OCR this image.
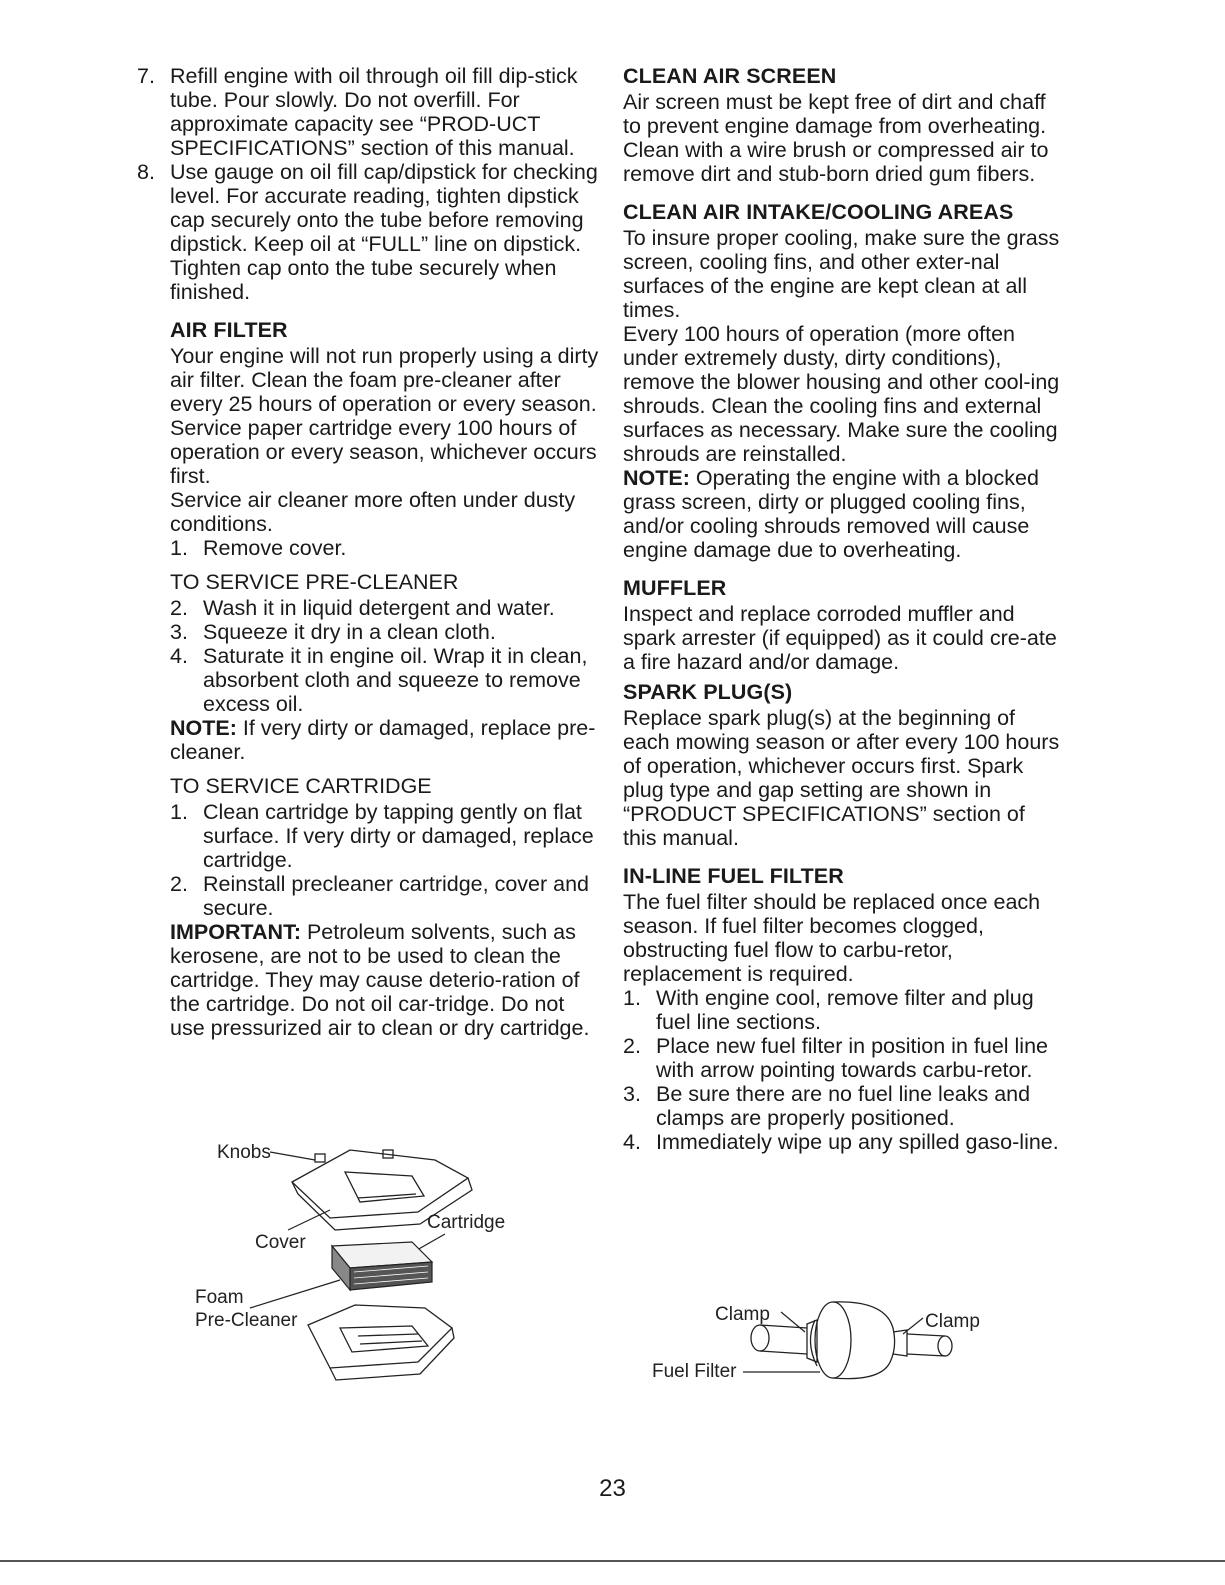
7. Refill engine with oil through oil fill dip-stick tube. Pour slowly. Do not overfill. For approximate capacity see “PROD-UCT SPECIFICATIONS” section of this manual.
8. Use gauge on oil fill cap/dipstick for checking level. For accurate reading, tighten dipstick cap securely onto the tube before removing dipstick. Keep oil at “FULL” line on dipstick. Tighten cap onto the tube securely when finished.
AIR FILTER

Your engine will not run properly using a dirty air filter. Clean the foam pre-cleaner after every 25 hours of operation or every season. Service paper cartridge every 100 hours of operation or every season, whichever occurs first.

Service air cleaner more often under dusty conditions.

1. Remove cover.

TO SERVICE PRE-CLEANER

2. Wash it in liquid detergent and water.
3. Squeeze it dry in a clean cloth.
4. Saturate it in engine oil. Wrap it in clean, absorbent cloth and squeeze to remove excess oil.

NOTE: If very dirty or damaged, replace pre-cleaner.

TO SERVICE CARTRIDGE

1. Clean cartridge by tapping gently on flat surface. If very dirty or damaged, replace cartridge.
2. Reinstall precleaner cartridge, cover and secure.

IMPORTANT: Petroleum solvents, such as kerosene, are not to be used to clean the cartridge. They may cause deterio-ration of the cartridge. Do not oil car-tridge. Do not use pressurized air to clean or dry cartridge.

Knobs
Cover
Cartridge
Foam
Pre-Cleaner
CLEAN AIR SCREEN

Air screen must be kept free of dirt and chaff to prevent engine damage from overheating. Clean with a wire brush or compressed air to remove dirt and stub-born dried gum fibers.

CLEAN AIR INTAKE/COOLING AREAS

To insure proper cooling, make sure the grass screen, cooling fins, and other exter-nal surfaces of the engine are kept clean at all times.

Every 100 hours of operation (more often under extremely dusty, dirty conditions), remove the blower housing and other cool-ing shrouds. Clean the cooling fins and external surfaces as necessary. Make sure the cooling shrouds are reinstalled.

NOTE: Operating the engine with a blocked grass screen, dirty or plugged cooling fins, and/or cooling shrouds removed will cause engine damage due to overheating.

MUFFLER

Inspect and replace corroded muffler and spark arrester (if equipped) as it could cre-ate a fire hazard and/or damage.

SPARK PLUG(S)

Replace spark plug(s) at the beginning of each mowing season or after every 100 hours of operation, whichever occurs first. Spark plug type and gap setting are shown in “PRODUCT SPECIFICATIONS” section of this manual.

IN-LINE FUEL FILTER

The fuel filter should be replaced once each season. If fuel filter becomes clogged, obstructing fuel flow to carbu-retor, replacement is required.

1. With engine cool, remove filter and plug fuel line sections.
2. Place new fuel filter in position in fuel line with arrow pointing towards carbu-retor.
3. Be sure there are no fuel line leaks and clamps are properly positioned.
4. Immediately wipe up any spilled gaso-line.
Clamp	Clamp
Fuel Filter
23
